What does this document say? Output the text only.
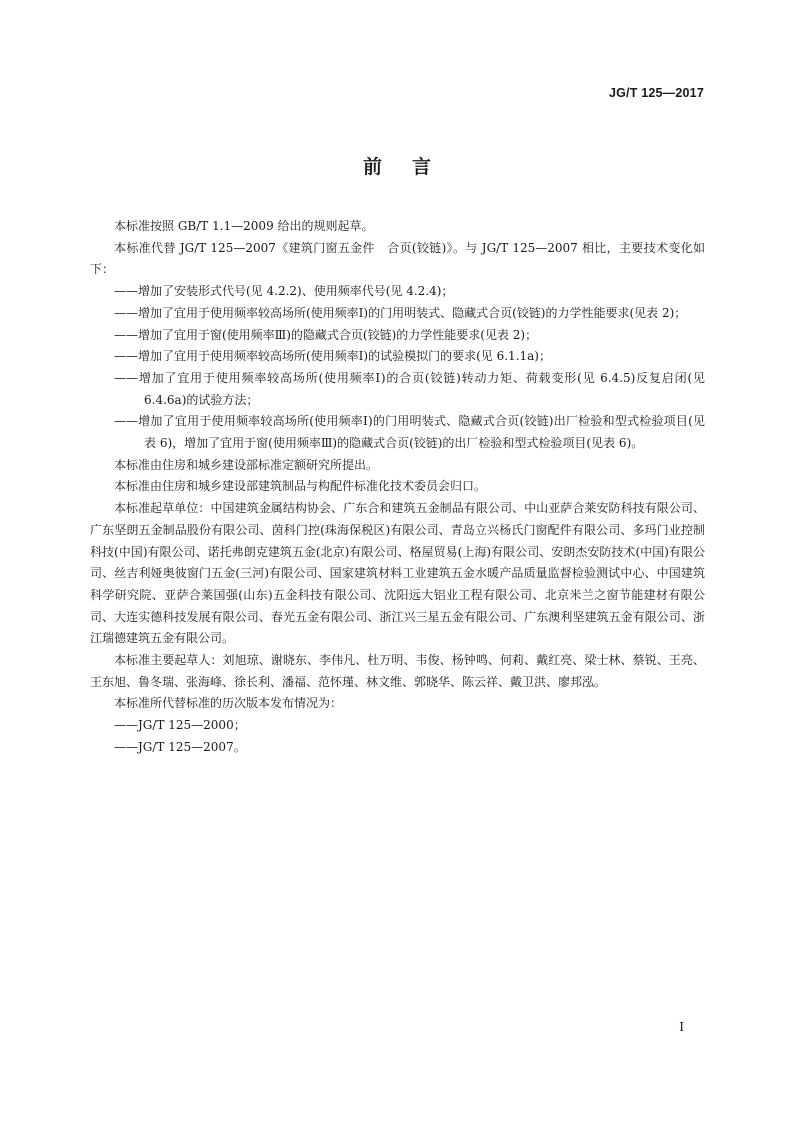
JG/T 125—2017
前言

本标准按照 GB/T 1.1—2009 给出的规则起草。

本标准代替 JG/T 125—2007《建筑门窗五金件　合页(铰链)》。与 JG/T 125—2007 相比，主要技术变化如下：

——增加了安装形式代号(见 4.2.2)、使用频率代号(见 4.2.4)；

——增加了宜用于使用频率较高场所(使用频率Ⅰ)的门用明装式、隐藏式合页(铰链)的力学性能要求(见表 2)；

——增加了宜用于窗(使用频率Ⅲ)的隐藏式合页(铰链)的力学性能要求(见表 2)；

——增加了宜用于使用频率较高场所(使用频率Ⅰ)的试验模拟门的要求(见 6.1.1a)；

——增加了宜用于使用频率较高场所(使用频率Ⅰ)的合页(铰链)转动力矩、荷载变形(见 6.4.5)反复启闭(见 6.4.6a)的试验方法；

——增加了宜用于使用频率较高场所(使用频率Ⅰ)的门用明装式、隐藏式合页(铰链)出厂检验和型式检验项目(见表 6)，增加了宜用于窗(使用频率Ⅲ)的隐藏式合页(铰链)的出厂检验和型式检验项目(见表 6)。

本标准由住房和城乡建设部标准定额研究所提出。

本标准由住房和城乡建设部建筑制品与构配件标准化技术委员会归口。

本标准起草单位：中国建筑金属结构协会、广东合和建筑五金制品有限公司、中山亚萨合莱安防科技有限公司、广东坚朗五金制品股份有限公司、茵科门控(珠海保税区)有限公司、青岛立兴杨氏门窗配件有限公司、多玛门业控制科技(中国)有限公司、诺托弗朗克建筑五金(北京)有限公司、格屋贸易(上海)有限公司、安朗杰安防技术(中国)有限公司、丝吉利娅奥彼窗门五金(三河)有限公司、国家建筑材料工业建筑五金水暖产品质量监督检验测试中心、中国建筑科学研究院、亚萨合莱国强(山东)五金科技有限公司、沈阳远大铝业工程有限公司、北京米兰之窗节能建材有限公司、大连实德科技发展有限公司、春光五金有限公司、浙江兴三星五金有限公司、广东澳利坚建筑五金有限公司、浙江瑞德建筑五金有限公司。

本标准主要起草人：刘旭琼、谢晓东、李伟凡、杜万明、韦俊、杨钟鸣、何莉、戴红亮、梁士林、蔡锐、王亮、王东旭、鲁冬瑞、张海峰、徐长利、潘福、范怀瑾、林文维、郭晓华、陈云祥、戴卫洪、廖邦泓。

本标准所代替标准的历次版本发布情况为：

——JG/T 125—2000；

——JG/T 125—2007。

I
